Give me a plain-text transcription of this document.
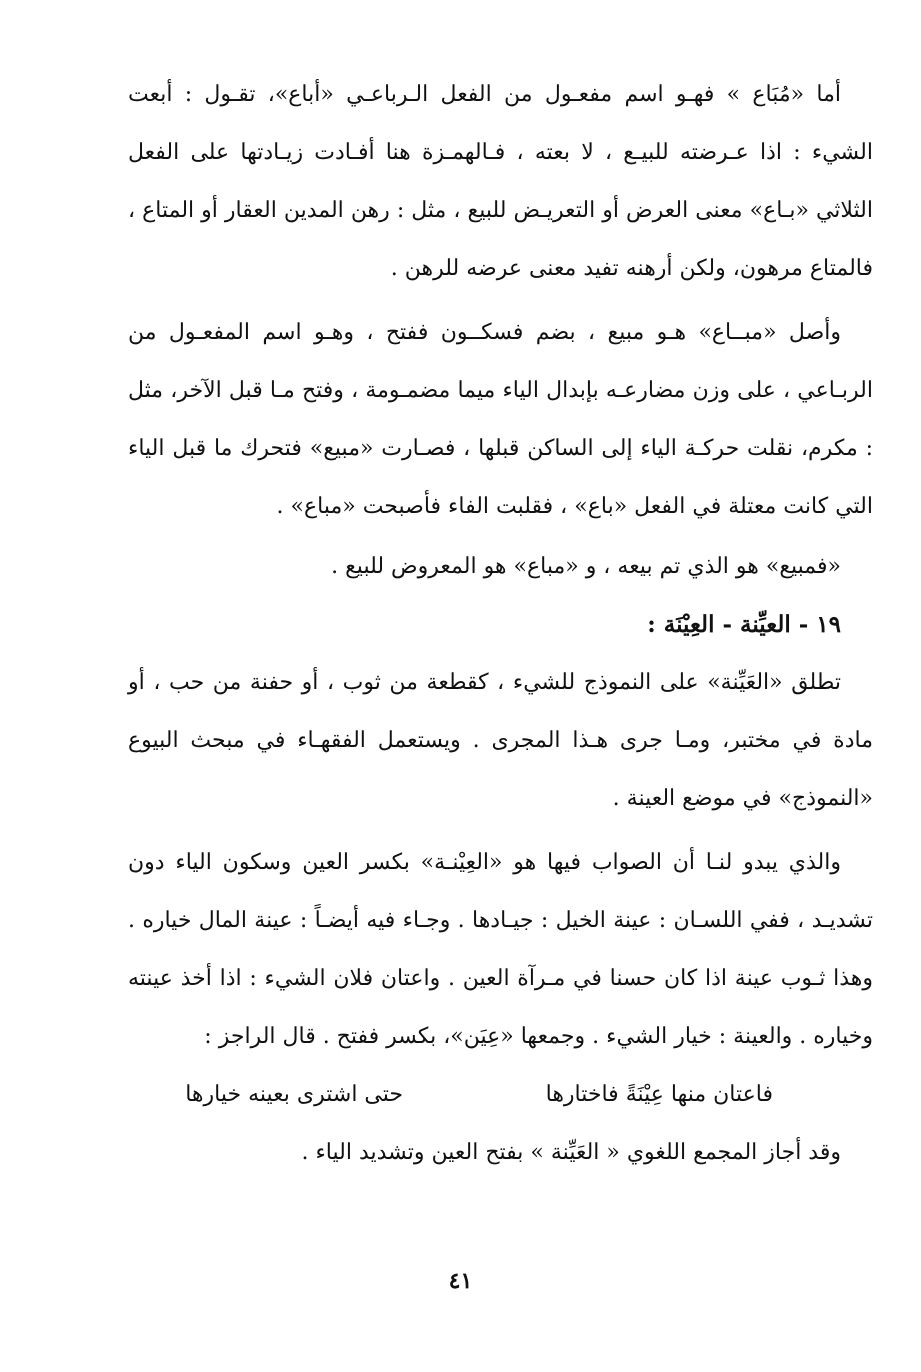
أما «مُبَاع » فهـو اسم مفعـول من الفعل الـرباعـي «أباع»، تقـول : أبعت الشيء : اذا عـرضته للبيـع ، لا بعته ، فـالهمـزة هنا أفـادت زيـادتها على الفعل الثلاثي «بـاع» معنى العرض أو التعريـض للبيع ، مثل : رهن المدين العقار أو المتاع ، فالمتاع مرهون، ولكن أرهنه تفيد معنى عرضه للرهن .

وأصل «مبــاع» هـو مبيع ، بضم فسكــون ففتح ، وهـو اسم المفعـول من الربـاعي ، على وزن مضارعـه بإبدال الياء ميما مضمـومة ، وفتح مـا قبل الآخر، مثل : مكرم، نقلت حركـة الياء إلى الساكن قبلها ، فصـارت «مبيع» فتحرك ما قبل الياء التي كانت معتلة في الفعل «باع» ، فقلبت الفاء فأصبحت «مباع» .

«فمبيع» هو الذي تم بيعه ، و «مباع» هو المعروض للبيع .

١٩ - العيِّنة - العِيْنَة :

تطلق «العَيِّنة» على النموذج للشيء ، كقطعة من ثوب ، أو حفنة من حب ، أو مادة في مختبر، ومـا جرى هـذا المجرى . ويستعمل الفقهـاء في مبحث البيوع «النموذج» في موضع العينة .

والذي يبدو لنـا أن الصواب فيها هو «العِيْنـة» بكسر العين وسكون الياء دون تشديـد ، ففي اللسـان : عينة الخيل : جيـادها . وجـاء فيه أيضـاً : عينة المال خياره . وهذا ثـوب عينة اذا كان حسنا في مـرآة العين . واعتان فلان الشيء : اذا أخذ عينته وخياره . والعينة : خيار الشيء . وجمعها «عِيَن»، بكسر ففتح . قال الراجز :

فاعتان منها عِيْنَةً فاختارها
حتى اشترى بعينه خيارها

وقد أجاز المجمع اللغوي « العَيِّنة » بفتح العين وتشديد الياء .

٤١
